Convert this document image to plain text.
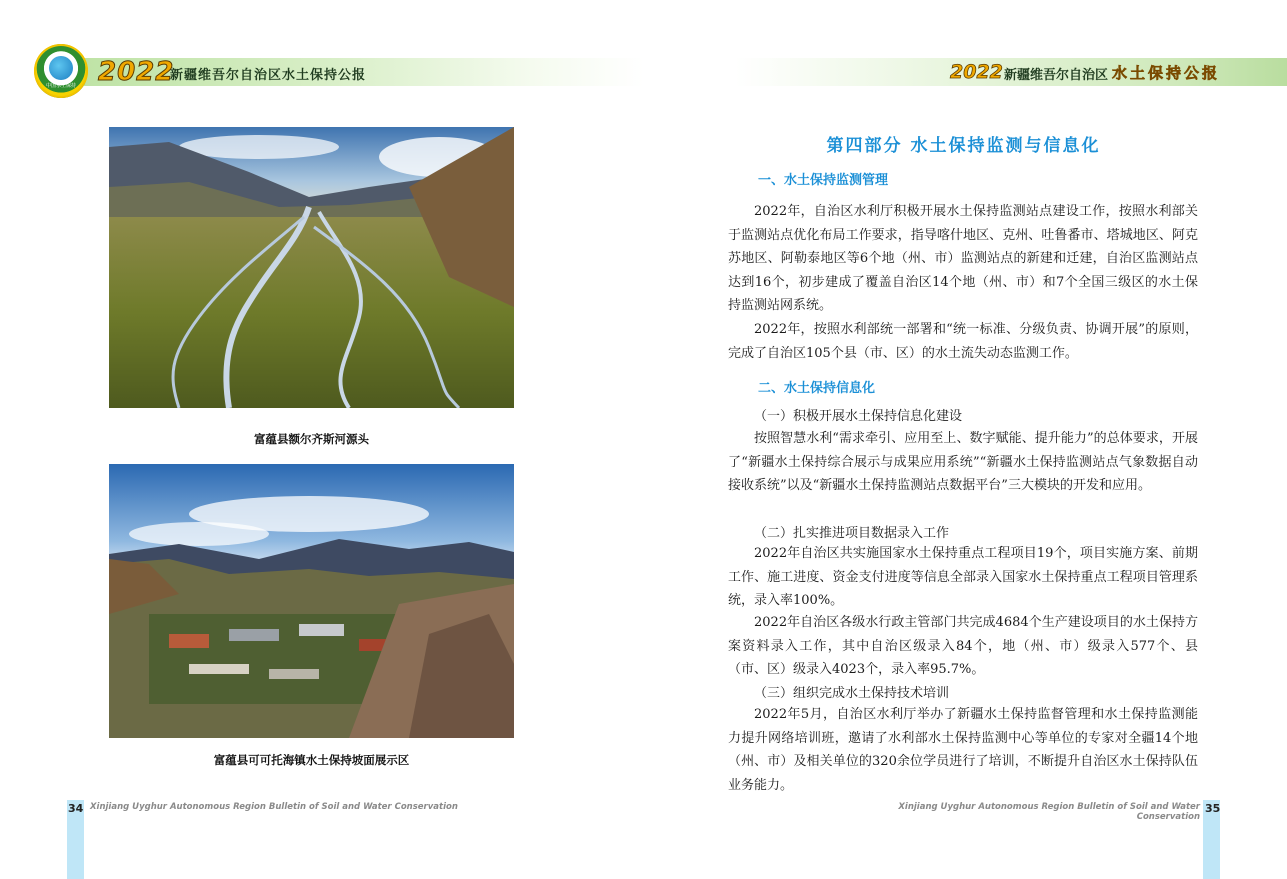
中国水土保持 2022
新疆维吾尔自治区水土保持公报	2022 新疆维吾尔自治区 水土保持公报
富蕴县额尔齐斯河源头
富蕴县可可托海镇水土保持坡面展示区
第四部分 水土保持监测与信息化
一、水土保持监测管理
2022年，自治区水利厅积极开展水土保持监测站点建设工作，按照水利部关于监测站点优化布局工作要求，指导喀什地区、克州、吐鲁番市、塔城地区、阿克苏地区、阿勒泰地区等6个地（州、市）监测站点的新建和迁建，自治区监测站点达到16个，初步建成了覆盖自治区14个地（州、市）和7个全国三级区的水土保持监测站网系统。
2022年，按照水利部统一部署和“统一标准、分级负责、协调开展”的原则，完成了自治区105个县（市、区）的水土流失动态监测工作。
二、水土保持信息化
（一）积极开展水土保持信息化建设
按照智慧水利“需求牵引、应用至上、数字赋能、提升能力”的总体要求，开展了“新疆水土保持综合展示与成果应用系统”“新疆水土保持监测站点气象数据自动接收系统”以及“新疆水土保持监测站点数据平台”三大模块的开发和应用。
（二）扎实推进项目数据录入工作
2022年自治区共实施国家水土保持重点工程项目19个，项目实施方案、前期工作、施工进度、资金支付进度等信息全部录入国家水土保持重点工程项目管理系统，录入率100%。
2022年自治区各级水行政主管部门共完成4684个生产建设项目的水土保持方案资料录入工作，其中自治区级录入84个，地（州、市）级录入577个、县（市、区）级录入4023个，录入率95.7%。
（三）组织完成水土保持技术培训
2022年5月，自治区水利厅举办了新疆水土保持监督管理和水土保持监测能力提升网络培训班，邀请了水利部水土保持监测中心等单位的专家对全疆14个地（州、市）及相关单位的320余位学员进行了培训，不断提升自治区水土保持队伍业务能力。
34	35
Xinjiang Uyghur Autonomous Region Bulletin of Soil and Water Conservation	Xinjiang Uyghur Autonomous Region Bulletin of Soil and Water Conservation
